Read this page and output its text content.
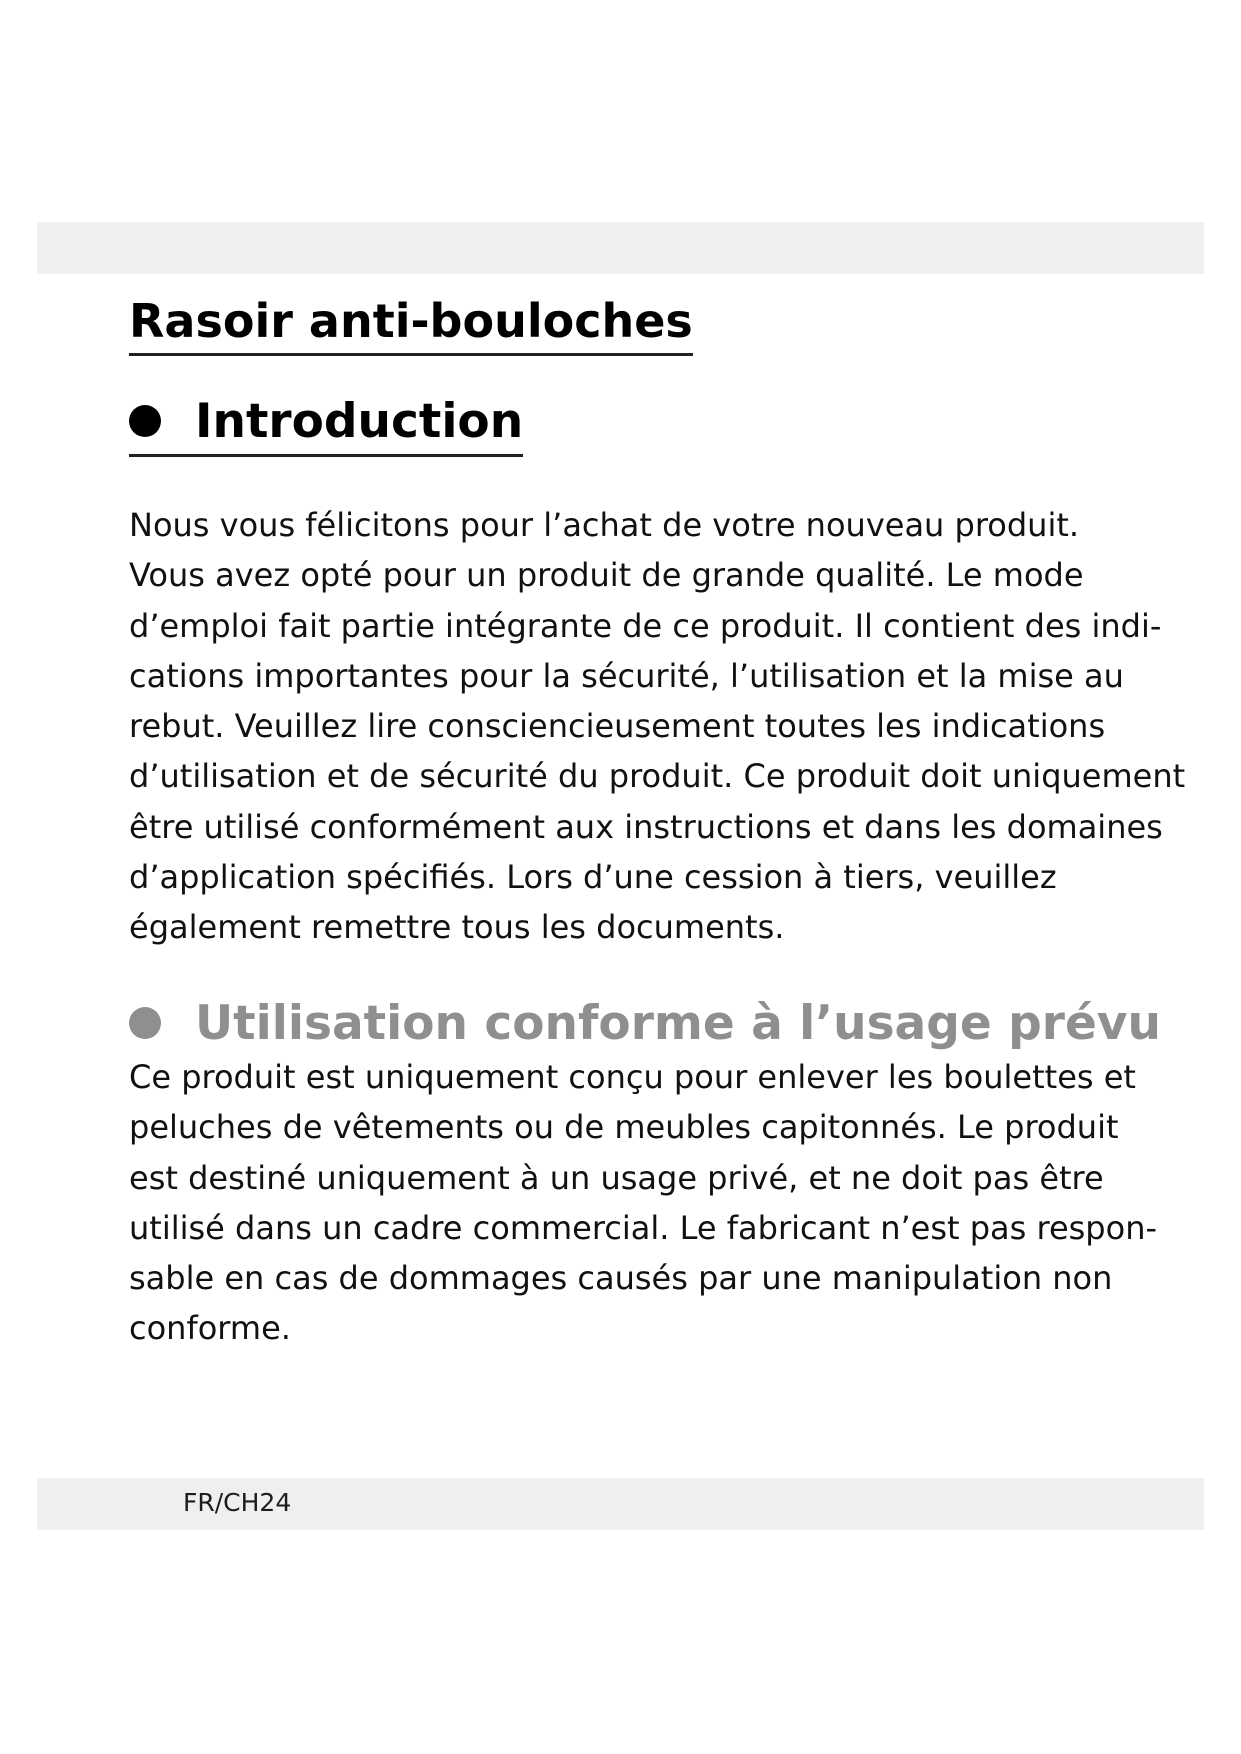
Rasoir anti-bouloches
Introduction

Nous vous félicitons pour l’achat de votre nouveau produit.
Vous avez opté pour un produit de grande qualité. Le mode
d’emploi fait partie intégrante de ce produit. Il contient des indi-
cations importantes pour la sécurité, l’utilisation et la mise au
rebut. Veuillez lire consciencieusement toutes les indications
d’utilisation et de sécurité du produit. Ce produit doit uniquement
être utilisé conformément aux instructions et dans les domaines
d’application spécifiés. Lors d’une cession à tiers, veuillez
également remettre tous les documents.

Utilisation conforme à l’usage prévu

Ce produit est uniquement conçu pour enlever les boulettes et
peluches de vêtements ou de meubles capitonnés. Le produit
est destiné uniquement à un usage privé, et ne doit pas être
utilisé dans un cadre commercial. Le fabricant n’est pas respon-
sable en cas de dommages causés par une manipulation non
conforme.

FR/CH24
